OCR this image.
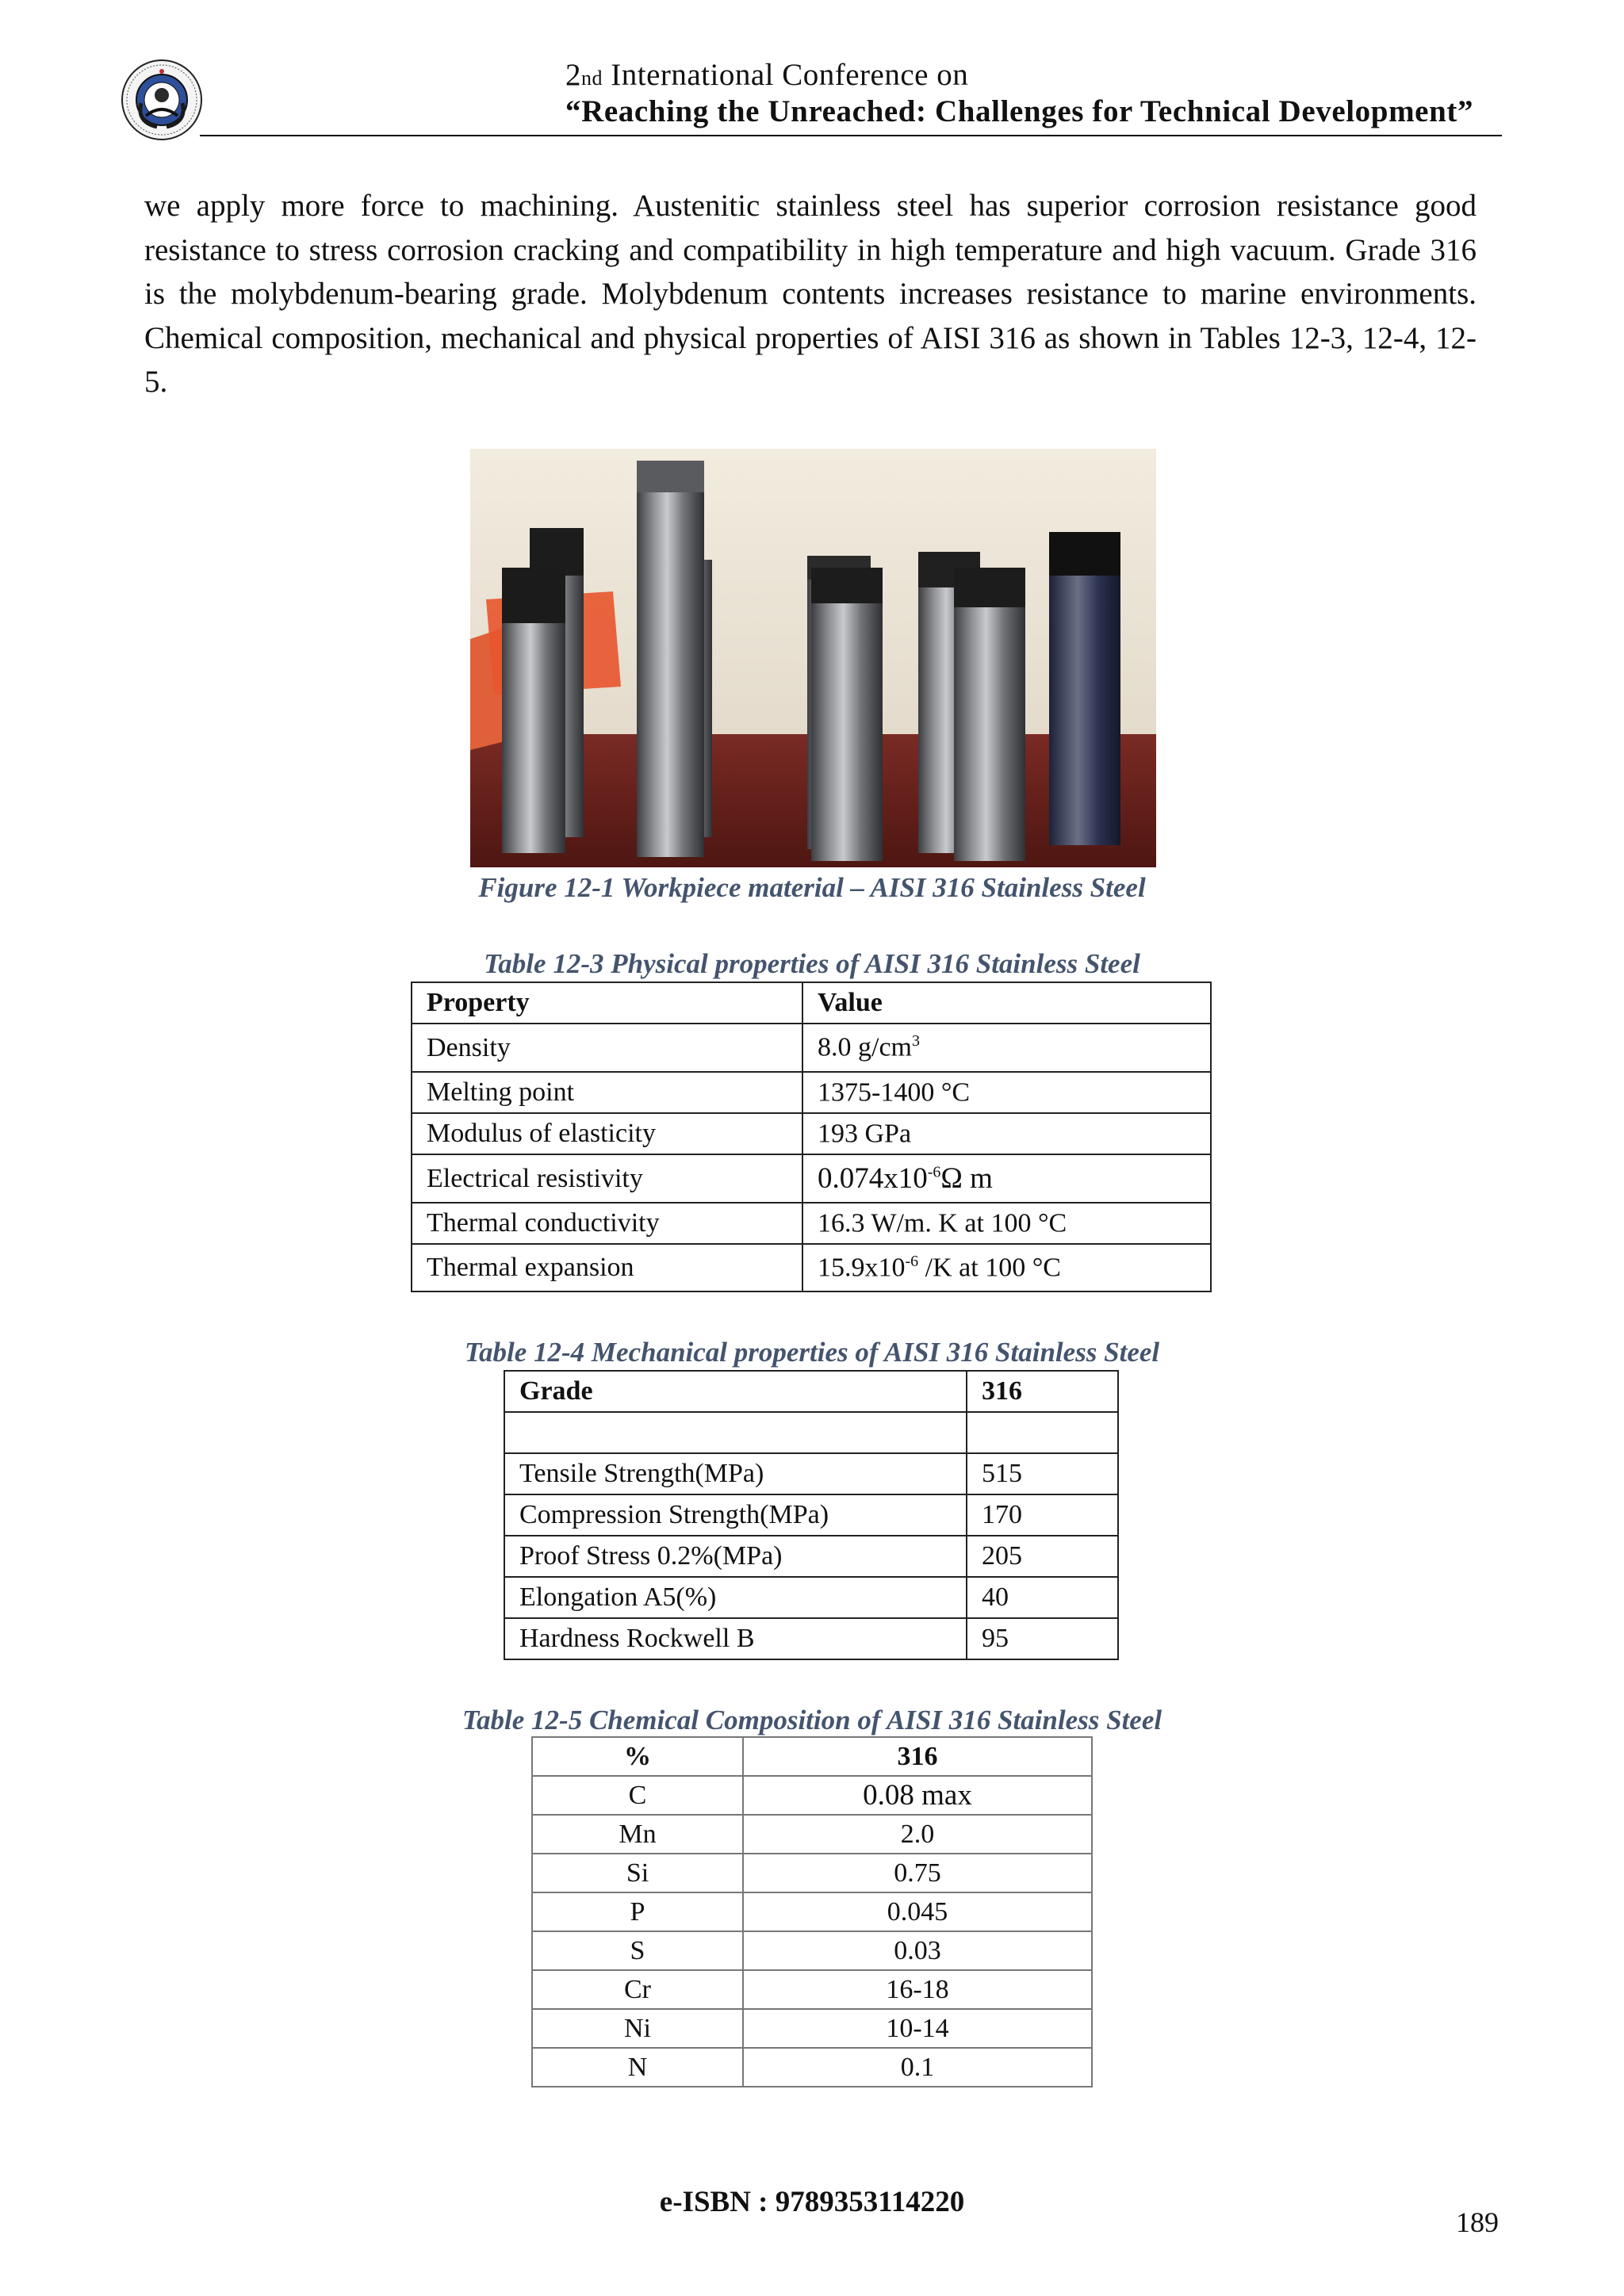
2nd International Conference on
“Reaching the Unreached: Challenges for Technical Development”
we apply more force to machining. Austenitic stainless steel has superior corrosion resistance good resistance to stress corrosion cracking and compatibility in high temperature and high vacuum. Grade 316 is the molybdenum-bearing grade. Molybdenum contents increases resistance to marine environments. Chemical composition, mechanical and physical properties of AISI 316 as shown in Tables 12-3, 12-4, 12-5.
Figure 12-1 Workpiece material – AISI 316 Stainless Steel
Table 12-3 Physical properties of AISI 316 Stainless Steel
Property	Value
Density	8.0 $g/cm^3$
Melting point	1375-1400 °C
Modulus of elasticity	193 GPa
Electrical resistivity	$0.074x10^{-6}\Omega$ m
Thermal conductivity	16.3 W/m. K at 100 °C
Thermal expansion	$15.9x10^{-6}$ /K at 100 °C
Table 12-4 Mechanical properties of AISI 316 Stainless Steel
Grade	316

Tensile Strength(MPa)	515
Compression Strength(MPa)	170
Proof Stress 0.2%(MPa)	205
Elongation A5(%)	40
Hardness Rockwell B	95
Table 12-5 Chemical Composition of AISI 316 Stainless Steel
%	316
C	0.08 max
Mn	2.0
Si	0.75
P	0.045
S	0.03
Cr	16-18
Ni	10-14
N	0.1
e-ISBN : 9789353114220
189
